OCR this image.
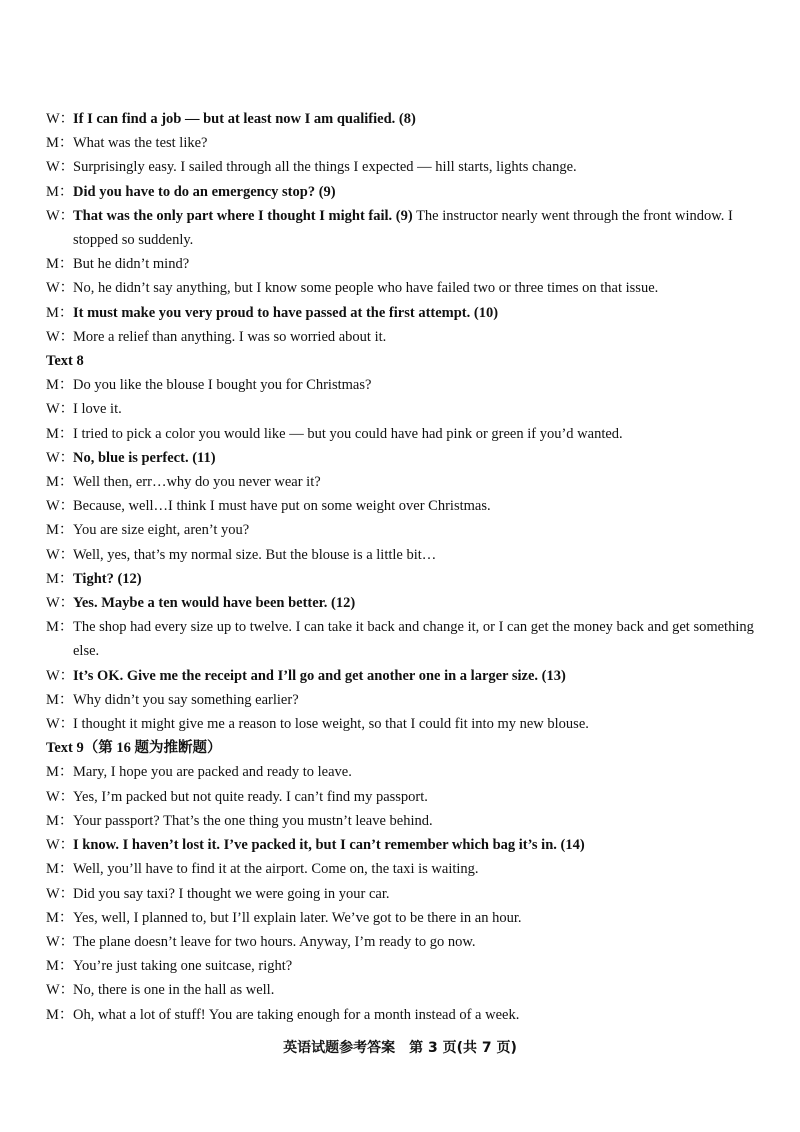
W：
If I can find a job — but at least now I am qualified. (8)
M： What was the test like?
W：
Surprisingly easy. I sailed through all the things I expected — hill starts, lights change.
M： Did you have to do an emergency stop? (9)
W：
That was the only part where I thought I might fail. (9) The instructor nearly went through the front window. I stopped so suddenly.
M： But he didn’t mind?
W：
No, he didn’t say anything, but I know some people who have failed two or three times on that issue.
M： It must make you very proud to have passed at the first attempt. (10)
W：
More a relief than anything. I was so worried about it.
Text 8
M： Do you like the blouse I bought you for Christmas?
W：
I love it.
M： I tried to pick a color you would like — but you could have had pink or green if you’d wanted.
W：
No, blue is perfect. (11)
M： Well then, err…why do you never wear it?
W：
Because, well…I think I must have put on some weight over Christmas.
M： You are size eight, aren’t you?
W：
Well, yes, that’s my normal size. But the blouse is a little bit…
M： Tight? (12)
W：
Yes. Maybe a ten would have been better. (12)
M： The shop had every size up to twelve. I can take it back and change it, or I can get the money back and get something else.
W：
It’s OK. Give me the receipt and I’ll go and get another one in a larger size. (13)
M： Why didn’t you say something earlier?
W：
I thought it might give me a reason to lose weight, so that I could fit into my new blouse.
Text 9（第 16 题为推断题）
M： Mary, I hope you are packed and ready to leave.
W：
Yes, I’m packed but not quite ready. I can’t find my passport.
M： Your passport? That’s the one thing you mustn’t leave behind.
W：
I know. I haven’t lost it. I’ve packed it, but I can’t remember which bag it’s in. (14)
M： Well, you’ll have to find it at the airport. Come on, the taxi is waiting.
W：
Did you say taxi? I thought we were going in your car.
M： Yes, well, I planned to, but I’ll explain later. We’ve got to be there in an hour.
W：
The plane doesn’t leave for two hours. Anyway, I’m ready to go now.
M： You’re just taking one suitcase, right?
W：
No, there is one in the hall as well.
M： Oh, what a lot of stuff! You are taking enough for a month instead of a week.
英语试题参考答案 第 3 页(共 7 页)
